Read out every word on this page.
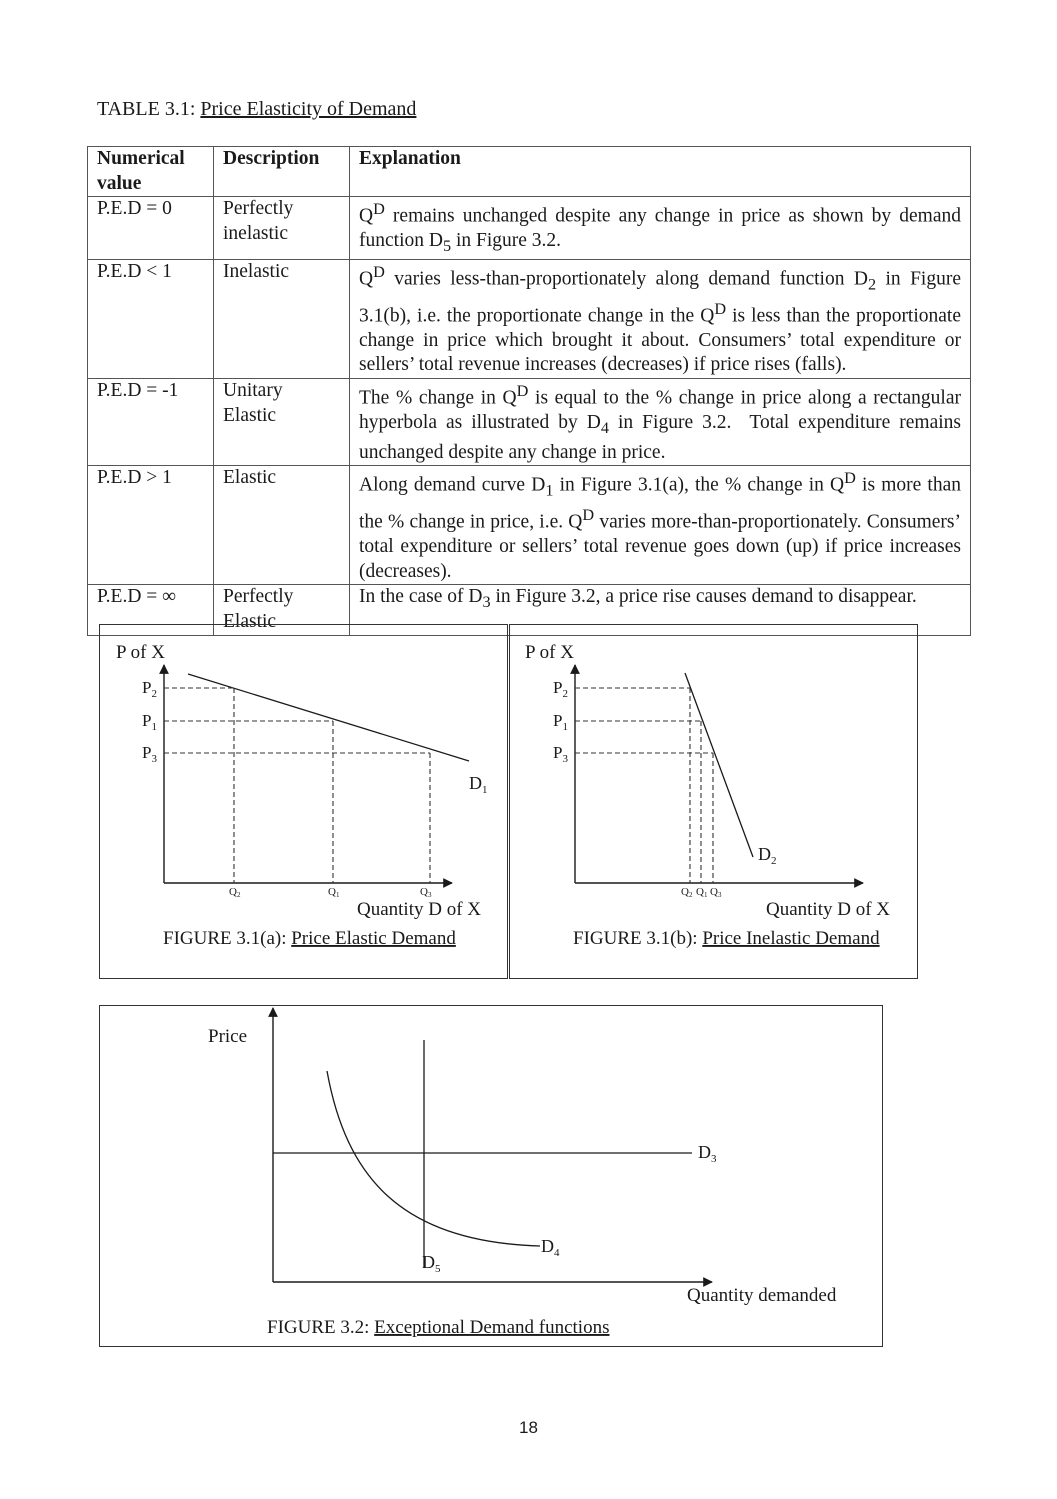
TABLE 3.1: Price Elasticity of Demand
Numerical value	Description	Explanation
P.E.D = 0	Perfectly inelastic	$Q^D$ remains unchanged despite any change in price as shown by demand function $D_5$ in Figure 3.2.
P.E.D < 1	Inelastic	$Q^D$ varies less-than-proportionately along demand function $D_2$ in Figure 3.1(b), i.e. the proportionate change in the $Q^D$ is less than the proportionate change in price which brought it about. Consumers’ total expenditure or sellers’ total revenue increases (decreases) if price rises (falls).
P.E.D = -1	Unitary Elastic	The % change in $Q^D$ is equal to the % change in price along a rectangular hyperbola as illustrated by $D_4$ in Figure 3.2.  Total expenditure remains unchanged despite any change in price.
P.E.D > 1	Elastic	Along demand curve $D_1$ in Figure 3.1(a), the % change in $Q^D$ is more than the % change in price, i.e. $Q^D$ varies more-than-proportionately. Consumers’ total expenditure or sellers’ total revenue goes down (up) if price increases (decreases).
P.E.D = ∞	Perfectly Elastic	In the case of $D_3$ in Figure 3.2, a price rise causes demand to disappear.
P of X
$P_2$
$P_1$
$P_3$
Q2	Q1	Q3
$D_1$
Quantity D of X
FIGURE 3.1(a): Price Elastic Demand
P of X
$P_2$
$P_1$
$P_3$
Q2 Q1 Q3
$D_2$
Quantity D of X
FIGURE 3.1(b): Price Inelastic Demand
Price
$D_3$
$D_4$
$D_5$
Quantity demanded
FIGURE 3.2: Exceptional Demand functions
18
